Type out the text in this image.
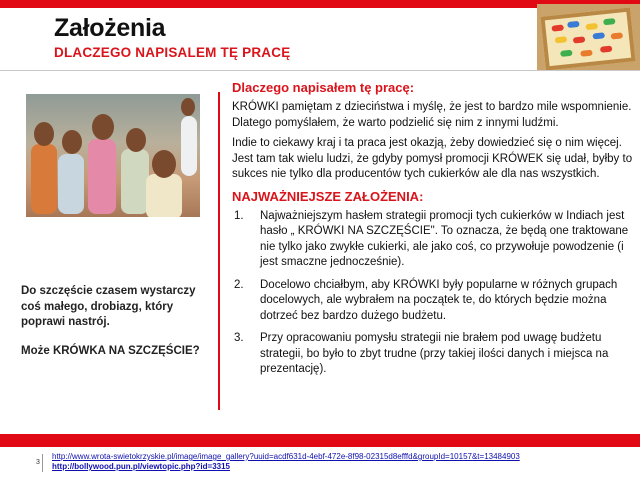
Założenia
DLACZEGO NAPISALEM TĘ PRACĘ

Do szczęście czasem wystarczy coś małego, drobiazg, który poprawi nastrój.

Może KRÓWKA NA SZCZĘŚCIE?

Dlaczego napisałem tę pracę:

KRÓWKI pamiętam z dzieciństwa i myślę, że jest to bardzo mile wspomnienie. Dlatego pomyślałem, że warto podzielić się nim z innymi ludźmi.

Indie to ciekawy kraj i ta praca jest okazją, żeby dowiedzieć się o nim więcej. Jest tam tak wielu ludzi, że gdyby pomysł promocji KRÓWEK się udał, byłby to sukces nie tylko dla producentów tych cukierków ale dla nas wszystkich.

NAJWAŻNIEJSZE ZAŁOŻENIA:
1. Najważniejszym hasłem strategii promocji tych cukierków w Indiach jest hasło „ KRÓWKI NA SZCZĘŚCIE". To oznacza, że będą one traktowane nie tylko jako zwykłe cukierki, ale jako coś, co przywołuje powodzenie (i jest smaczne jednocześnie).
2. Docelowo chciałbym, aby KRÓWKI były popularne w różnych grupach docelowych, ale wybrałem na początek te, do których będzie można dotrzeć bez bardzo dużego budżetu.
3. Przy opracowaniu pomysłu strategii nie brałem pod uwagę budżetu strategii, bo było to zbyt trudne (przy takiej ilości danych i miejsca na prezentację).
3
http://www.wrota-swietokrzyskie.pl/image/image_gallery?uuid=acdf631d-4ebf-472e-8f98-02315d8efffd&groupId=10157&t=13484903
http://bollywood.pun.pl/viewtopic.php?id=3315
